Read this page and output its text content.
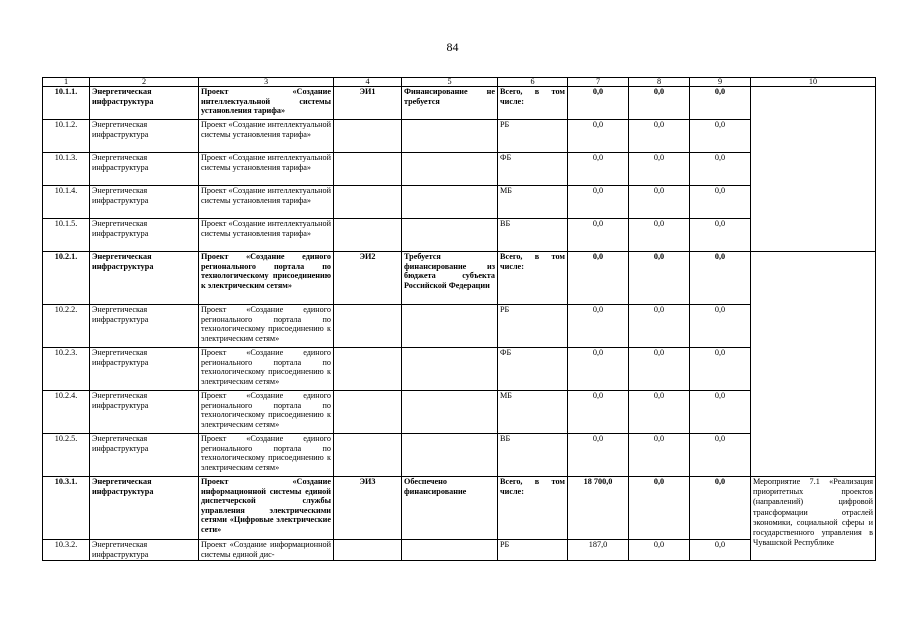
84
1	2	3	4	5	6	7	8	9	10
10.1.1.	Энергетическая инфраструктура	Проект «Создание интеллектуальной системы установления тарифа»	ЭИ1	Финансирование не требуется	Всего, в том числе:	0,0	0,0	0,0	
10.1.2.	Энергетическая инфраструктура	Проект «Создание интеллектуальной системы установления тарифа»			РБ	0,0	0,0	0,0	
10.1.3.	Энергетическая инфраструктура	Проект «Создание интеллектуальной системы установления тарифа»			ФБ	0,0	0,0	0,0	
10.1.4.	Энергетическая инфраструктура	Проект «Создание интеллектуальной системы установления тарифа»			МБ	0,0	0,0	0,0	
10.1.5.	Энергетическая инфраструктура	Проект «Создание интеллектуальной системы установления тарифа»			ВБ	0,0	0,0	0,0	
10.2.1.	Энергетическая инфраструктура	Проект «Создание единого регионального портала по технологическому присоединению к электрическим сетям»	ЭИ2	Требуется финансирование из бюджета субъекта Российской Федерации	Всего, в том числе:	0,0	0,0	0,0	
10.2.2.	Энергетическая инфраструктура	Проект «Создание единого регионального портала по технологическому присоединению к электрическим сетям»			РБ	0,0	0,0	0,0	
10.2.3.	Энергетическая инфраструктура	Проект «Создание единого регионального портала по технологическому присоединению к электрическим сетям»			ФБ	0,0	0,0	0,0	
10.2.4.	Энергетическая инфраструктура	Проект «Создание единого регионального портала по технологическому присоединению к электрическим сетям»			МБ	0,0	0,0	0,0	
10.2.5.	Энергетическая инфраструктура	Проект «Создание единого регионального портала по технологическому присоединению к электрическим сетям»			ВБ	0,0	0,0	0,0	
10.3.1.	Энергетическая инфраструктура	Проект «Создание информационной системы единой диспетчерской службы управления электрическими сетями «Цифровые электрические сети»	ЭИ3	Обеспечено финансирование	Всего, в том числе:	18 700,0	0,0	0,0	Мероприятие 7.1 «Реализация приоритетных проектов (направлений) цифровой трансформации отраслей экономики, социальной сферы и государственного управления в Чувашской Республике
10.3.2.	Энергетическая инфраструктура	Проект «Создание информационной системы единой дис-			РБ	187,0	0,0	0,0	
